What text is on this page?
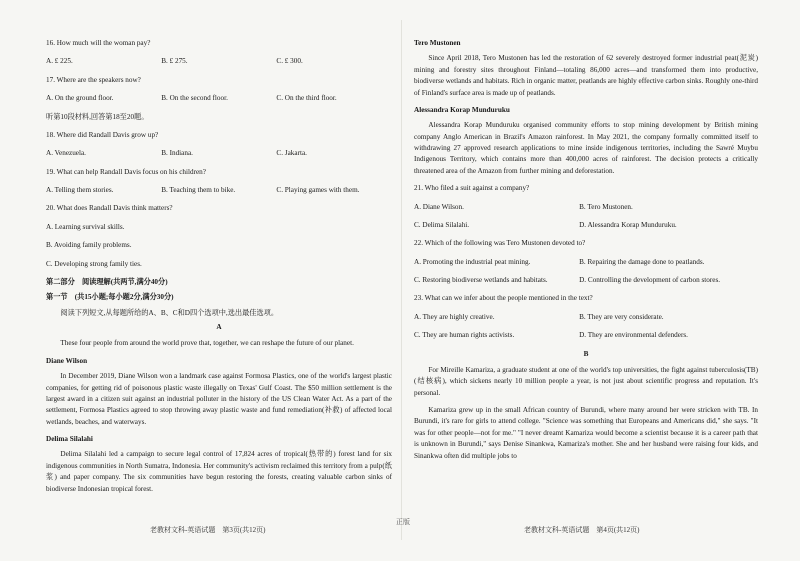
16. How much will the woman pay?
A. £ 225.	B. £ 275.	C. £ 300.
17. Where are the speakers now?
A. On the ground floor.	B. On the second floor.	C. On the third floor.
听第10段材料,回答第18至20题。
18. Where did Randall Davis grow up?
A. Venezuela.	B. Indiana.	C. Jakarta.
19. What can help Randall Davis focus on his children?
A. Telling them stories.	B. Teaching them to bike.	C. Playing games with them.
20. What does Randall Davis think matters?
A. Learning survival skills.
B. Avoiding family problems.
C. Developing strong family ties.
第二部分　阅读理解(共两节,满分40分)
第一节　(共15小题;每小题2分,满分30分)
阅读下列短文,从每题所给的A、B、C和D四个选项中,选出最佳选项。
A
These four people from around the world prove that, together, we can reshape the future of our planet.
Diane Wilson
In December 2019, Diane Wilson won a landmark case against Formosa Plastics, one of the world's largest plastic companies, for getting rid of poisonous plastic waste illegally on Texas' Gulf Coast. The $50 million settlement is the largest award in a citizen suit against an industrial polluter in the history of the US Clean Water Act. As a part of the settlement, Formosa Plastics agreed to stop throwing away plastic waste and fund remediation(补救) of affected local wetlands, beaches, and waterways.
Delima Silalahi
Delima Silalahi led a campaign to secure legal control of 17,824 acres of tropical(热带的) forest land for six indigenous communities in North Sumatra, Indonesia. Her community's activism reclaimed this territory from a pulp(纸浆) and paper company. The six communities have begun restoring the forests, creating valuable carbon sinks of biodiverse Indonesian tropical forest.
Tero Mustonen
Since April 2018, Tero Mustonen has led the restoration of 62 severely destroyed former industrial peat(泥炭) mining and forestry sites throughout Finland—totaling 86,000 acres—and transformed them into productive, biodiverse wetlands and habitats. Rich in organic matter, peatlands are highly effective carbon sinks. Roughly one-third of Finland's surface area is made up of peatlands.
Alessandra Korap Munduruku
Alessandra Korap Munduruku organised community efforts to stop mining development by British mining company Anglo American in Brazil's Amazon rainforest. In May 2021, the company formally committed itself to withdrawing 27 approved research applications to mine inside indigenous territories, including the Sawré Muybu Indigenous Territory, which contains more than 400,000 acres of rainforest. The decision protects a critically threatened area of the Amazon from further mining and deforestation.
21. Who filed a suit against a company?
A. Diane Wilson.	B. Tero Mustonen.
C. Delima Silalahi.	D. Alessandra Korap Munduruku.
22. Which of the following was Tero Mustonen devoted to?
A. Promoting the industrial peat mining.	B. Repairing the damage done to peatlands.
C. Restoring biodiverse wetlands and habitats.	D. Controlling the development of carbon stores.
23. What can we infer about the people mentioned in the text?
A. They are highly creative.	B. They are very considerate.
C. They are human rights activists.	D. They are environmental defenders.
B
For Mireille Kamariza, a graduate student at one of the world's top universities, the fight against tuberculosis(TB)(结核病), which sickens nearly 10 million people a year, is not just about scientific progress and reputation. It's personal.
Kamariza grew up in the small African country of Burundi, where many around her were stricken with TB. In Burundi, it's rare for girls to attend college. "Science was something that Europeans and Americans did," she says. "It was for other people—not for me." "I never dreamt Kamariza would become a scientist because it is a career path that is unknown in Burundi," says Denise Sinankwa, Kamariza's mother. She and her husband were raising four kids, and Sinankwa often did multiple jobs to
老教材文科-英语试题　第3页(共12页)
正版
老教材文科-英语试题　第4页(共12页)
